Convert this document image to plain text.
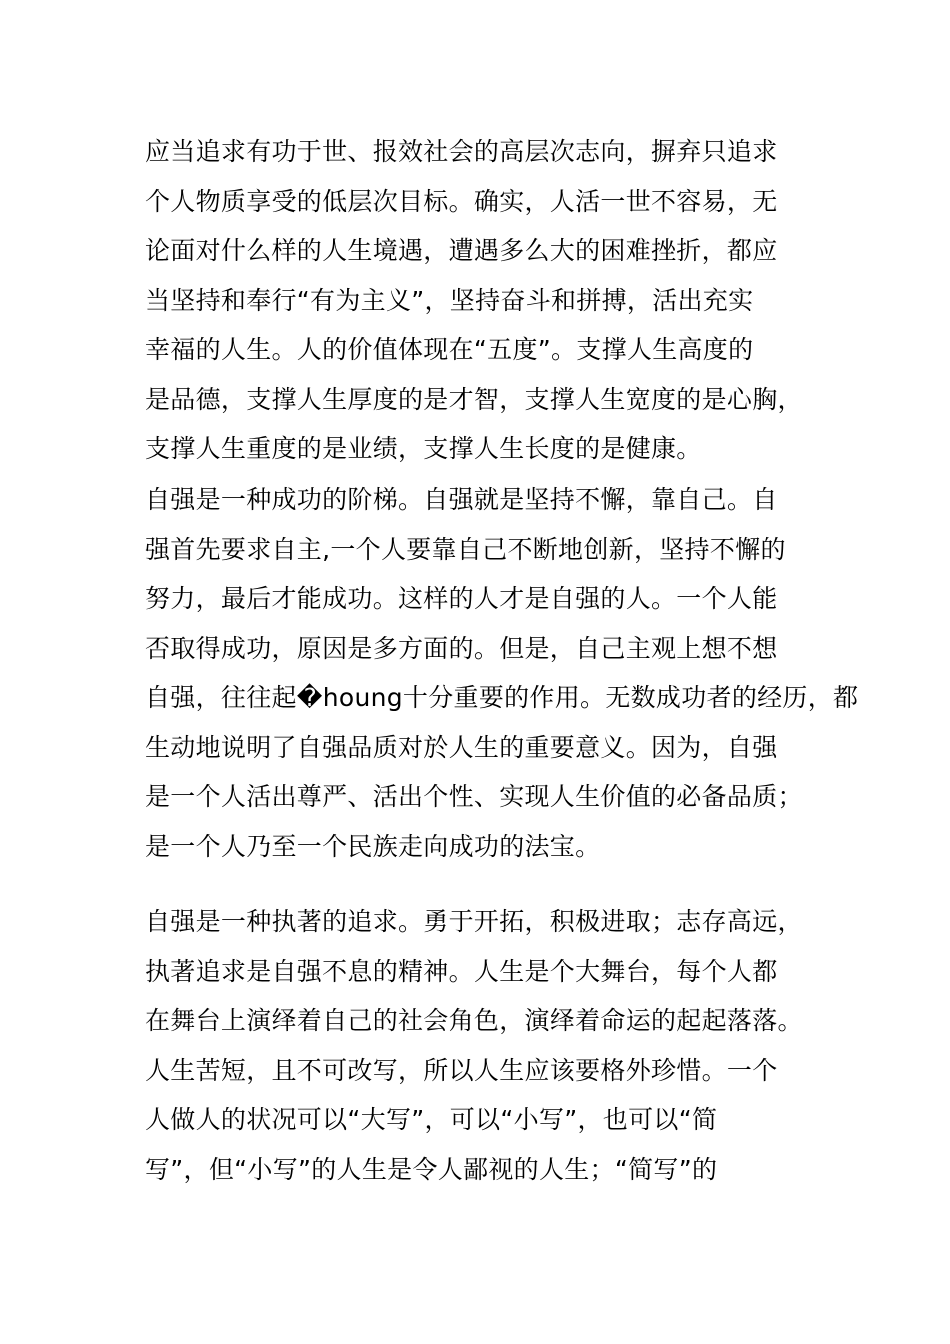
应当追求有功于世、报效社会的高层次志向，摒弃只追求
个人物质享受的低层次目标。确实，人活一世不容易，无
论面对什么样的人生境遇，遭遇多么大的困难挫折，都应
当坚持和奉行“有为主义”，坚持奋斗和拼搏，活出充实
幸福的人生。人的价值体现在“五度”。支撑人生高度的
是品德，支撑人生厚度的是才智，支撑人生宽度的是心胸，
支撑人生重度的是业绩，支撑人生长度的是健康。
自强是一种成功的阶梯。自强就是坚持不懈，靠自己。自
强首先要求自主,一个人要靠自己不断地创新，坚持不懈的
努力，最后才能成功。这样的人才是自强的人。一个人能
否取得成功，原因是多方面的。但是，自己主观上想不想
自强，往往起�houng十分重要的作用。无数成功者的经历，都
生动地说明了自强品质对於人生的重要意义。因为，自强
是一个人活出尊严、活出个性、实现人生价值的必备品质；
是一个人乃至一个民族走向成功的法宝。
自强是一种执著的追求。勇于开拓，积极进取；志存高远，
执著追求是自强不息的精神。人生是个大舞台，每个人都
在舞台上演绎着自己的社会角色，演绎着命运的起起落落。
人生苦短，且不可改写，所以人生应该要格外珍惜。一个
人做人的状况可以“大写”，可以“小写”，也可以“简
写”，但“小写”的人生是令人鄙视的人生；“简写”的
